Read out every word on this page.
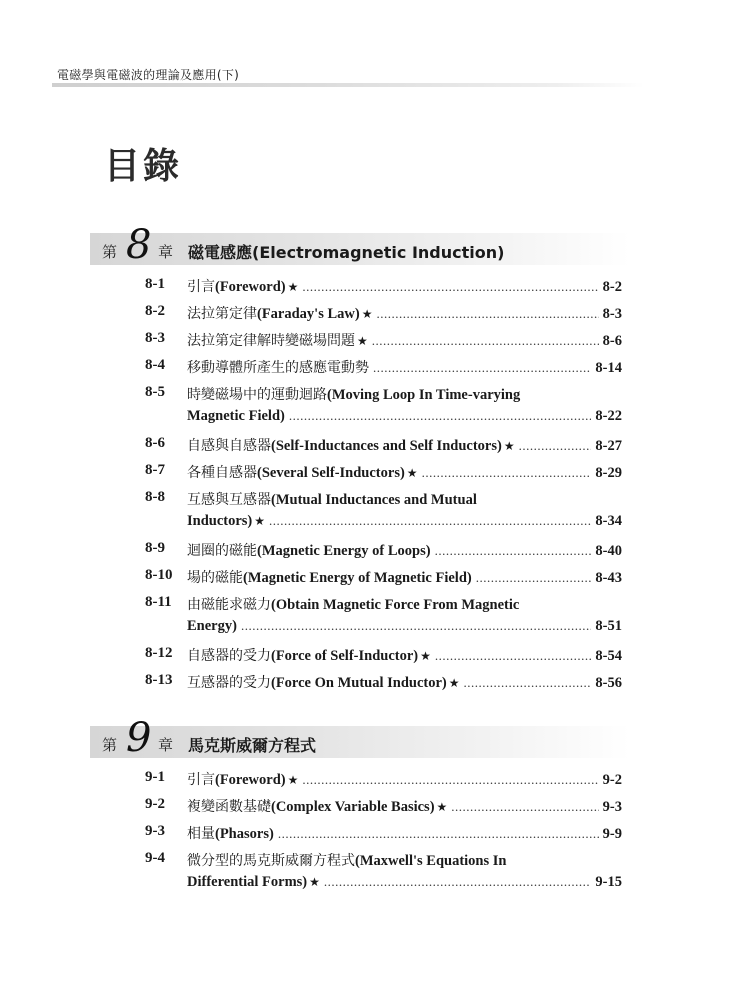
電磁學與電磁波的理論及應用(下)
目錄
第 8 章 磁電感應(Electromagnetic Induction)
8-1 引言(Foreword) ★ .....	8-2
8-2 法拉第定律(Faraday's Law) ★ .....	8-3
8-3 法拉第定律解時變磁場問題 ★ .....	8-6
8-4 移動導體所產生的感應電動勢 .....	8-14
8-5 時變磁場中的運動迴路(Moving Loop In Time-varying
Magnetic Field) .....	8-22
8-6 自感與自感器(Self-Inductances and Self Inductors) ★ .....	8-27
8-7 各種自感器(Several Self-Inductors) ★ .....	8-29
8-8 互感與互感器(Mutual Inductances and Mutual
Inductors) ★ .....	8-34
8-9 迴圈的磁能(Magnetic Energy of Loops) .....	8-40
8-10 場的磁能(Magnetic Energy of Magnetic Field) .....	8-43
8-11 由磁能求磁力(Obtain Magnetic Force From Magnetic
Energy) .....	8-51
8-12 自感器的受力(Force of Self-Inductor) ★ .....	8-54
8-13 互感器的受力(Force On Mutual Inductor) ★ .....	8-56
第 9 章 馬克斯威爾方程式
9-1 引言(Foreword) ★ .....	9-2
9-2 複變函數基礎(Complex Variable Basics) ★ .....	9-3
9-3 相量(Phasors) .....	9-9
9-4 微分型的馬克斯威爾方程式(Maxwell's Equations In
Differential Forms) ★ .....	9-15
